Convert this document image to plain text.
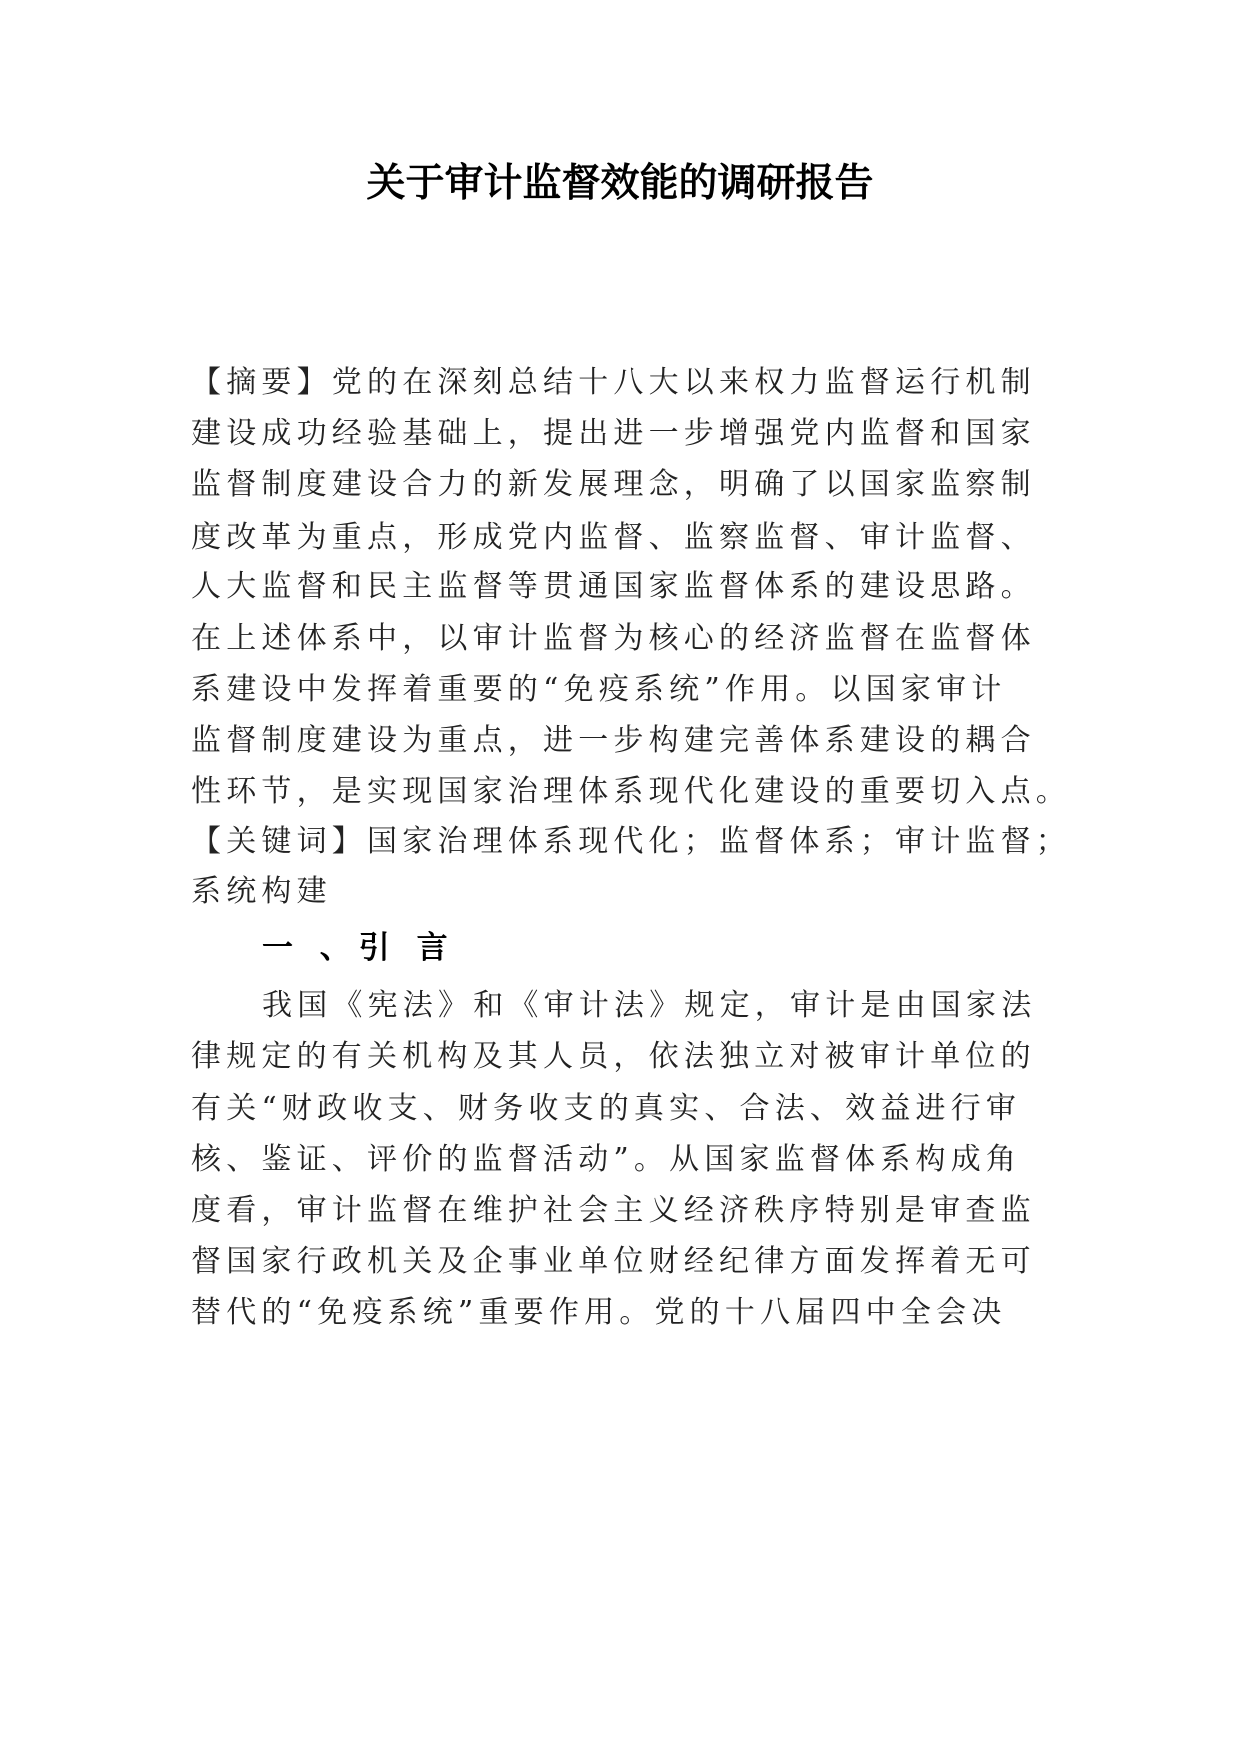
关于审计监督效能的调研报告
【摘要】党的在深刻总结十八大以来权力监督运行机制
建设成功经验基础上，提出进一步增强党内监督和国家
监督制度建设合力的新发展理念，明确了以国家监察制
度改革为重点，形成党内监督、监察监督、审计监督、
人大监督和民主监督等贯通国家监督体系的建设思路。
在上述体系中，以审计监督为核心的经济监督在监督体
系建设中发挥着重要的“免疫系统”作用。以国家审计
监督制度建设为重点，进一步构建完善体系建设的耦合
性环节，是实现国家治理体系现代化建设的重要切入点。
【关键词】国家治理体系现代化；监督体系；审计监督；
系统构建
一 、引 言
我国《宪法》和《审计法》规定，审计是由国家法
律规定的有关机构及其人员，依法独立对被审计单位的
有关“财政收支、财务收支的真实、合法、效益进行审
核、鉴证、评价的监督活动”。从国家监督体系构成角
度看，审计监督在维护社会主义经济秩序特别是审查监
督国家行政机关及企事业单位财经纪律方面发挥着无可
替代的“免疫系统”重要作用。党的十八届四中全会决
